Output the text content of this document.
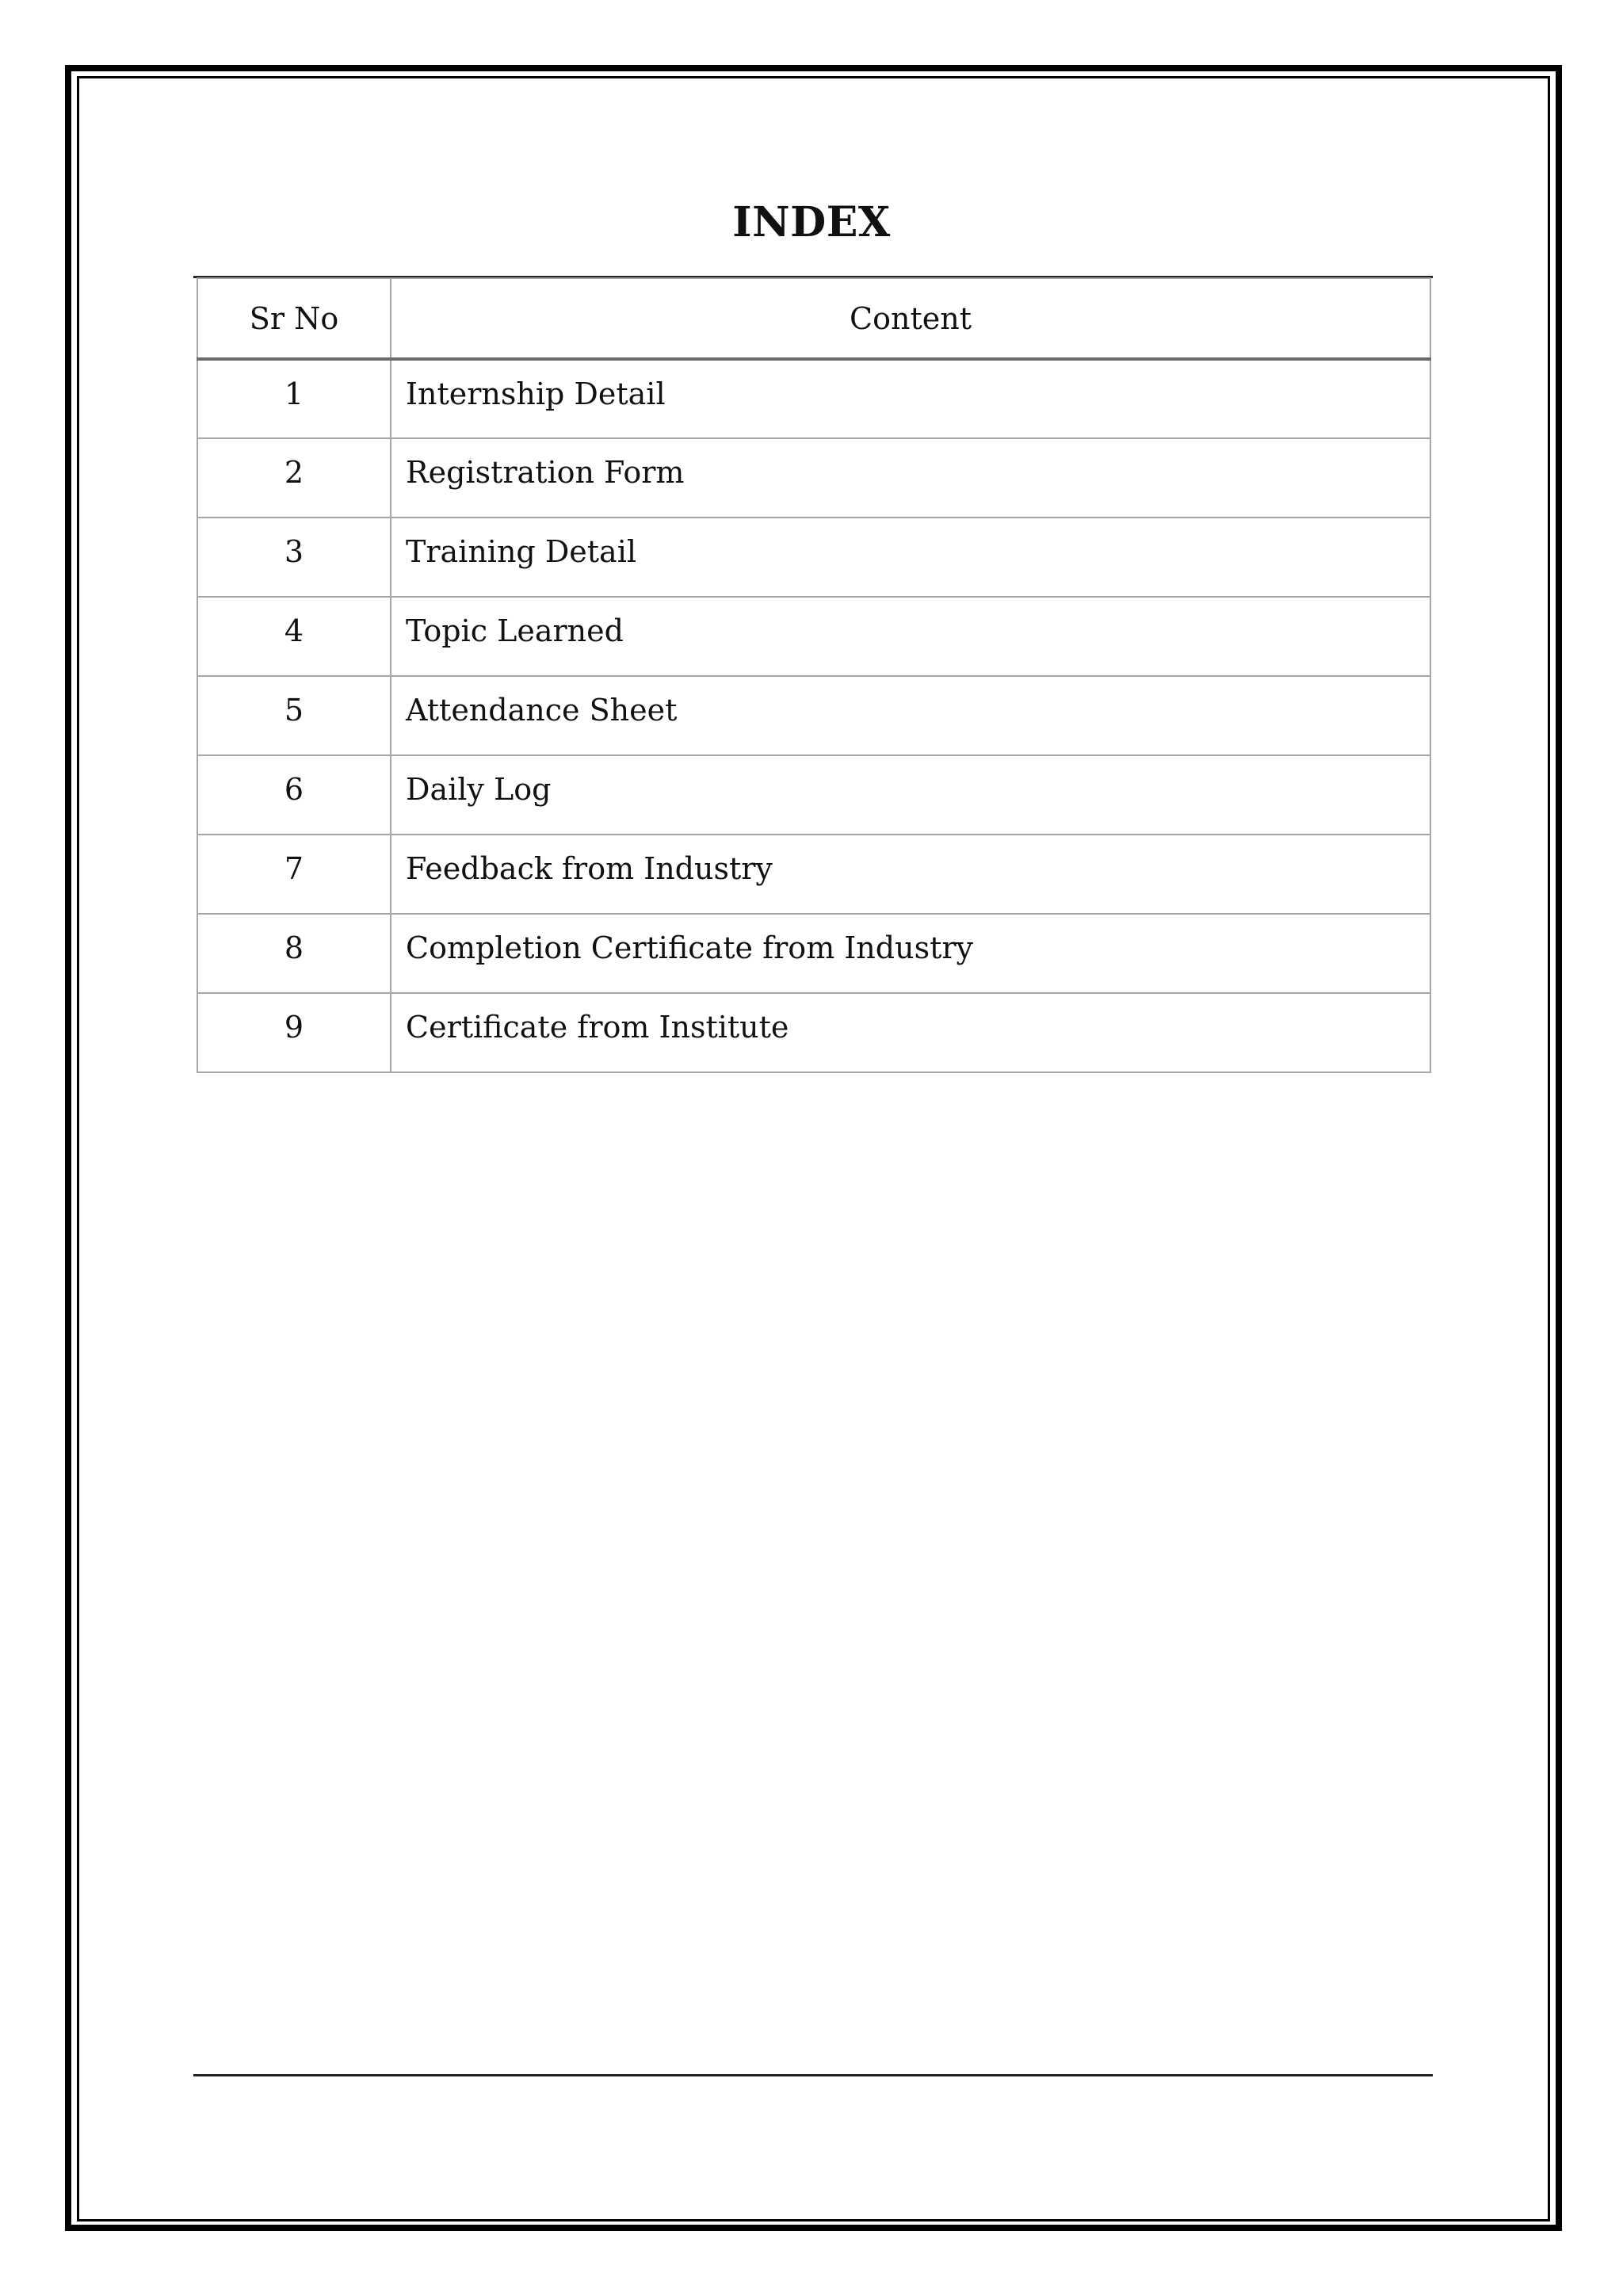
INDEX
Sr No	Content
1	Internship Detail
2	Registration Form
3	Training Detail
4	Topic Learned
5	Attendance Sheet
6	Daily Log
7	Feedback from Industry
8	Completion Certificate from Industry
9	Certificate from Institute
